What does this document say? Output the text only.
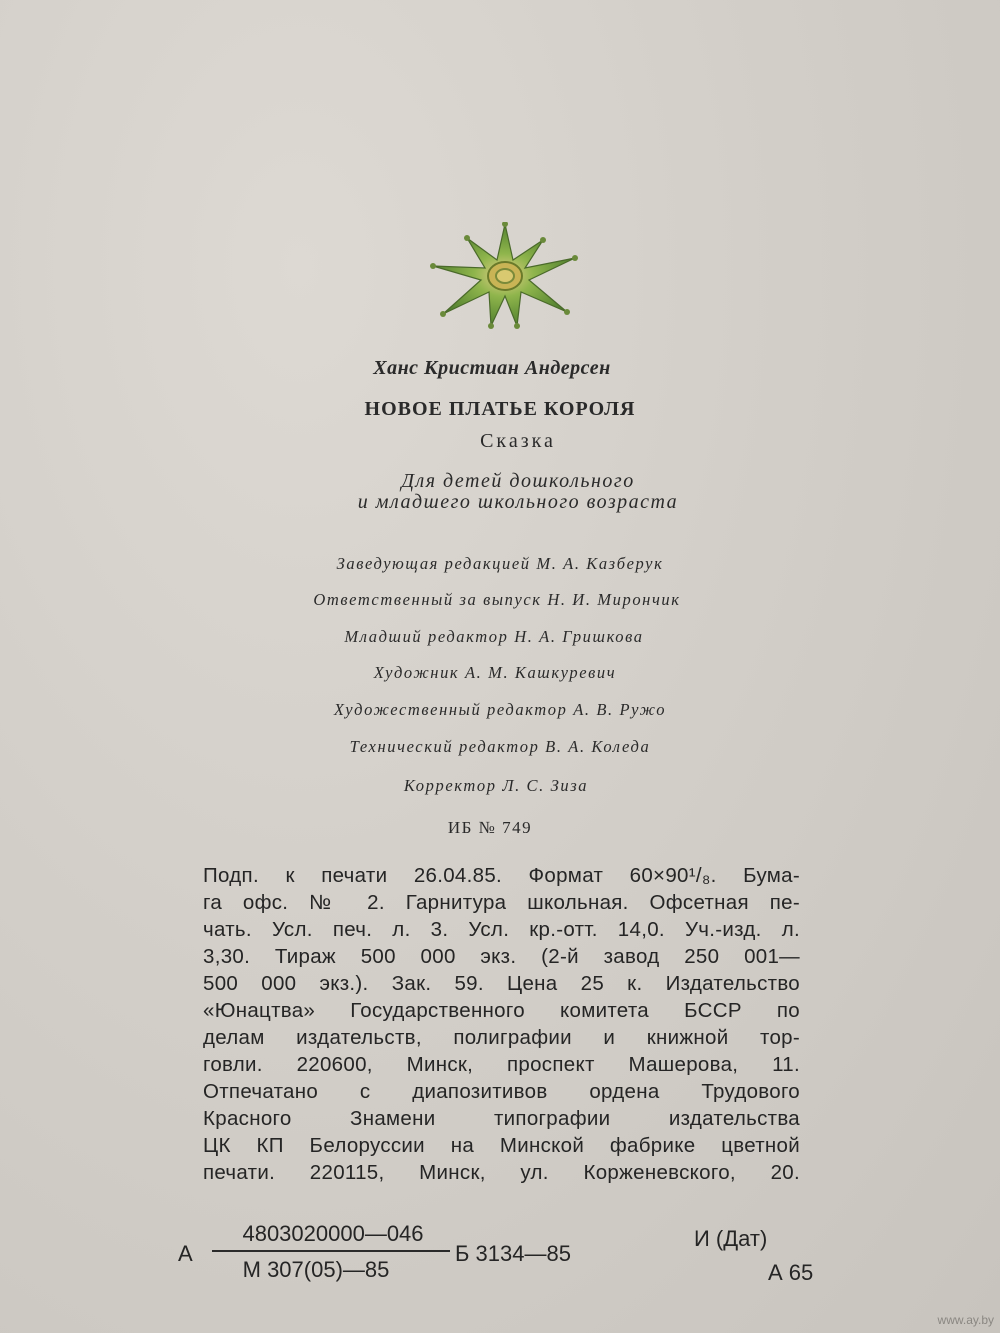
Ханс Кристиан Андерсен
НОВОЕ ПЛАТЬЕ КОРОЛЯ
Сказка
Для детей дошкольного
и младшего школьного возраста
Заведующая редакцией М. А. Казберук
Ответственный за выпуск Н. И. Мирончик
Младший редактор Н. А. Гришкова
Художник А. М. Кашкуревич
Художественный редактор А. В. Ружо
Технический редактор В. А. Коледа
Корректор Л. С. Зиза
ИБ № 749
Подп. к печати 26.04.85. Формат 60×90¹/₈. Бума-
га офс. № 2. Гарнитура школьная. Офсетная пе-
чать. Усл. печ. л. 3. Усл. кр.-отт. 14,0. Уч.-изд. л.
3,30. Тираж 500 000 экз. (2-й завод 250 001—
500 000 экз.). Зак. 59. Цена 25 к. Издательство
«Юнацтва» Государственного комитета БССР по
делам издательств, полиграфии и книжной тор-
говли. 220600, Минск, проспект Машерова, 11.
Отпечатано с диапозитивов ордена Трудового
Красного Знамени типографии издательства
ЦК КП Белоруссии на Минской фабрике цветной
печати. 220115, Минск, ул. Корженевского, 20.
А
4803020000—046
М 307(05)—85
Б 3134—85
И (Дат)
А 65
www.ay.by
